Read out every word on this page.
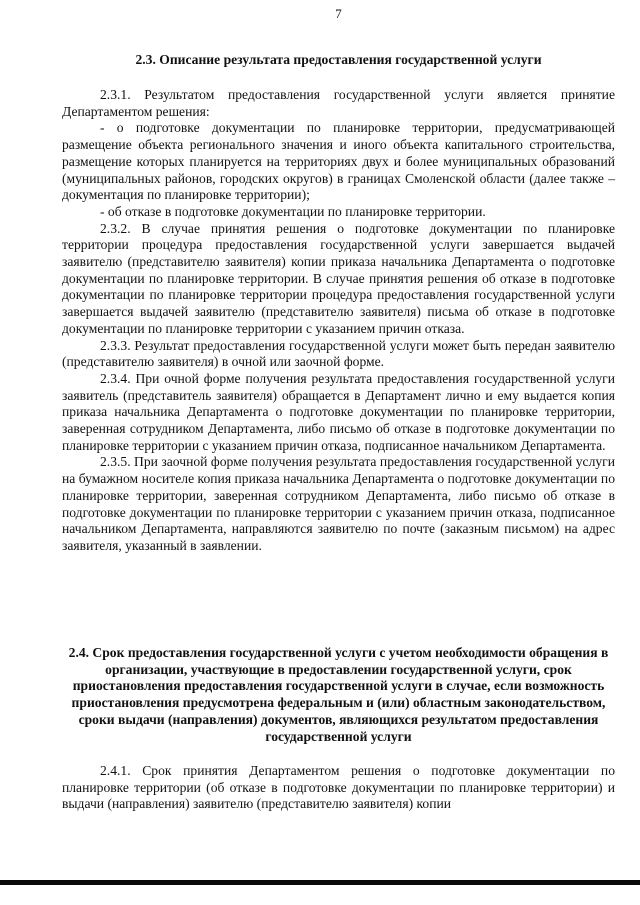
7
2.3. Описание результата предоставления государственной услуги

2.3.1. Результатом предоставления государственной услуги является принятие Департаментом решения:

- о подготовке документации по планировке территории, предусматривающей размещение объекта регионального значения и иного объекта капитального строительства, размещение которых планируется на территориях двух и более муниципальных образований (муниципальных районов, городских округов) в границах Смоленской области (далее также – документация по планировке территории);

- об отказе в подготовке документации по планировке территории.

2.3.2. В случае принятия решения о подготовке документации по планировке территории процедура предоставления государственной услуги завершается выдачей заявителю (представителю заявителя) копии приказа начальника Департамента о подготовке документации по планировке территории. В случае принятия решения об отказе в подготовке документации по планировке территории процедура предоставления государственной услуги завершается выдачей заявителю (представителю заявителя) письма об отказе в подготовке документации по планировке территории с указанием причин отказа.

2.3.3. Результат предоставления государственной услуги может быть передан заявителю (представителю заявителя) в очной или заочной форме.

2.3.4. При очной форме получения результата предоставления государственной услуги заявитель (представитель заявителя) обращается в Департамент лично и ему выдается копия приказа начальника Департамента о подготовке документации по планировке территории, заверенная сотрудником Департамента, либо письмо об отказе в подготовке документации по планировке территории с указанием причин отказа, подписанное начальником Департамента.

2.3.5. При заочной форме получения результата предоставления государственной услуги на бумажном носителе копия приказа начальника Департамента о подготовке документации по планировке территории, заверенная сотрудником Департамента, либо письмо об отказе в подготовке документации по планировке территории с указанием причин отказа, подписанное начальником Департамента, направляются заявителю по почте (заказным письмом) на адрес заявителя, указанный в заявлении.

2.4. Срок предоставления государственной услуги с учетом необходимости обращения в организации, участвующие в предоставлении государственной услуги, срок приостановления предоставления государственной услуги в случае, если возможность приостановления предусмотрена федеральным и (или) областным законодательством, сроки выдачи (направления) документов, являющихся результатом предоставления государственной услуги

2.4.1. Срок принятия Департаментом решения о подготовке документации по планировке территории (об отказе в подготовке документации по планировке территории) и выдачи (направления) заявителю (представителю заявителя) копии
